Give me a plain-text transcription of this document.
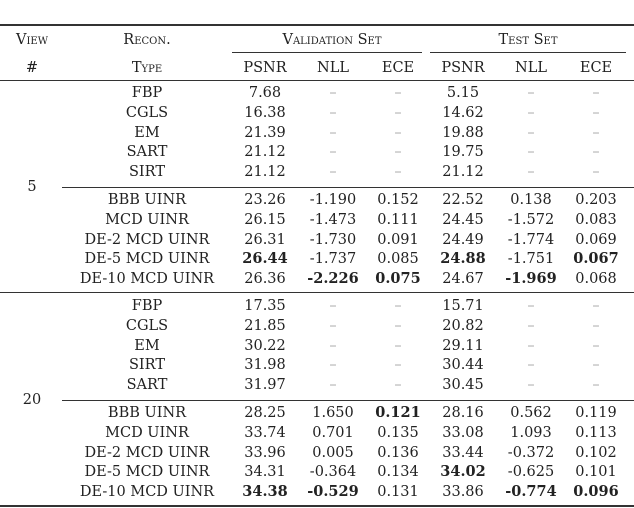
View	Recon.	Validation Set	Test Set
#	Type	PSNR NLL ECE PSNR NLL ECE
5
FBP	7.68	–	–	5.15	–	–
CGLS	16.38	–	–	14.62	–	–
EM	21.39	–	–	19.88	–	–
SART	21.12	–	–	19.75	–	–
SIRT	21.12	–	–	21.12	–	–
BBB UINR	23.26 -1.190 0.152 22.52 0.138 0.203
MCD UINR	26.15 -1.473 0.111 24.45 -1.572 0.083
DE-2 MCD UINR 26.31 -1.730 0.091 24.49 -1.774 0.069
DE-5 MCD UINR 26.44 -1.737 0.085 24.88 -1.751 0.067
DE-10 MCD UINR 26.36 -2.226 0.075 24.67 -1.969 0.068
20
FBP	17.35	–	–	15.71	–	–
CGLS	21.85	–	–	20.82	–	–
EM	30.22	–	–	29.11	–	–
SIRT	31.98	–	–	30.44	–	–
SART	31.97	–	–	30.45	–	–
BBB UINR	28.25 1.650 0.121 28.16 0.562 0.119
MCD UINR	33.74 0.701 0.135 33.08 1.093 0.113
DE-2 MCD UINR 33.96 0.005 0.136 33.44 -0.372 0.102
DE-5 MCD UINR 34.31 -0.364 0.134 34.02 -0.625 0.101
DE-10 MCD UINR 34.38 -0.529 0.131 33.86 -0.774 0.096
